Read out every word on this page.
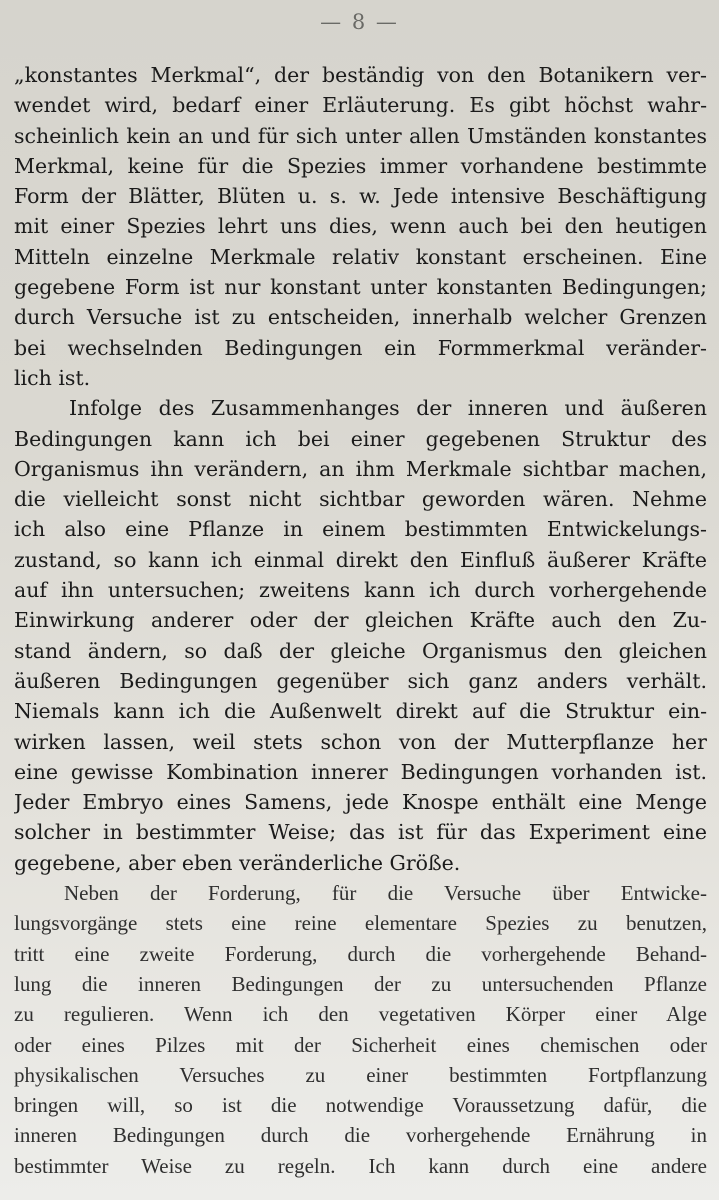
— 8 —
„konstantes Merkmal“, der beständig von den Botanikern ver-
wendet wird, bedarf einer Erläuterung. Es gibt höchst wahr-
scheinlich kein an und für sich unter allen Umständen konstantes
Merkmal, keine für die Spezies immer vorhandene bestimmte
Form der Blätter, Blüten u. s. w. Jede intensive Beschäftigung
mit einer Spezies lehrt uns dies, wenn auch bei den heutigen
Mitteln einzelne Merkmale relativ konstant erscheinen. Eine
gegebene Form ist nur konstant unter konstanten Bedingungen;
durch Versuche ist zu entscheiden, innerhalb welcher Grenzen
bei wechselnden Bedingungen ein Formmerkmal veränder-
lich ist.
Infolge des Zusammenhanges der inneren und äußeren
Bedingungen kann ich bei einer gegebenen Struktur des
Organismus ihn verändern, an ihm Merkmale sichtbar machen,
die vielleicht sonst nicht sichtbar geworden wären. Nehme
ich also eine Pflanze in einem bestimmten Entwickelungs-
zustand, so kann ich einmal direkt den Einfluß äußerer Kräfte
auf ihn untersuchen; zweitens kann ich durch vorhergehende
Einwirkung anderer oder der gleichen Kräfte auch den Zu-
stand ändern, so daß der gleiche Organismus den gleichen
äußeren Bedingungen gegenüber sich ganz anders verhält.
Niemals kann ich die Außenwelt direkt auf die Struktur ein-
wirken lassen, weil stets schon von der Mutterpflanze her
eine gewisse Kombination innerer Bedingungen vorhanden ist.
Jeder Embryo eines Samens, jede Knospe enthält eine Menge
solcher in bestimmter Weise; das ist für das Experiment eine
gegebene, aber eben veränderliche Größe.
Neben der Forderung, für die Versuche über Entwicke-
lungsvorgänge stets eine reine elementare Spezies zu benutzen,
tritt eine zweite Forderung, durch die vorhergehende Behand-
lung die inneren Bedingungen der zu untersuchenden Pflanze
zu regulieren. Wenn ich den vegetativen Körper einer Alge
oder eines Pilzes mit der Sicherheit eines chemischen oder
physikalischen Versuches zu einer bestimmten Fortpflanzung
bringen will, so ist die notwendige Voraussetzung dafür, die
inneren Bedingungen durch die vorhergehende Ernährung in
bestimmter Weise zu regeln. Ich kann durch eine andere
